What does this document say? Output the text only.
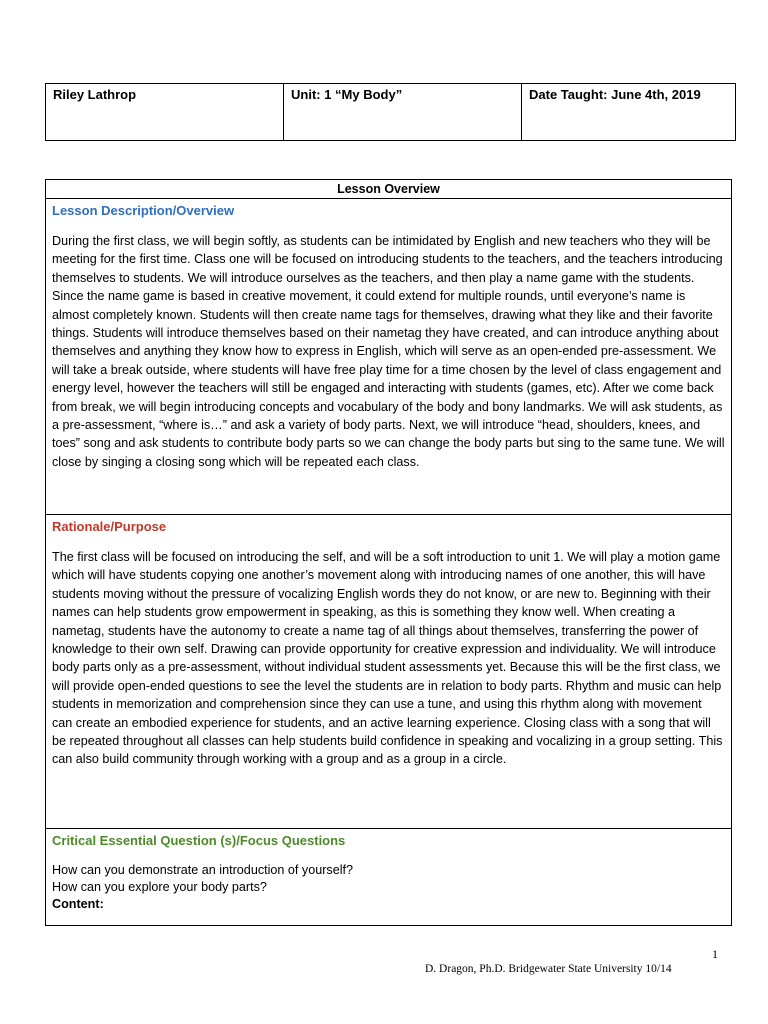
Riley Lathrop	Unit: 1 “My Body”	Date Taught: June 4th, 2019
Lesson Overview

Lesson Description/Overview

During the first class, we will begin softly, as students can be intimidated by English and new teachers who they will be meeting for the first time. Class one will be focused on introducing students to the teachers, and the teachers introducing themselves to students. We will introduce ourselves as the teachers, and then play a name game with the students. Since the name game is based in creative movement, it could extend for multiple rounds, until everyone’s name is almost completely known. Students will then create name tags for themselves, drawing what they like and their favorite things. Students will introduce themselves based on their nametag they have created, and can introduce anything about themselves and anything they know how to express in English, which will serve as an open-ended pre-assessment. We will take a break outside, where students will have free play time for a time chosen by the level of class engagement and energy level, however the teachers will still be engaged and interacting with students (games, etc). After we come back from break, we will begin introducing concepts and vocabulary of the body and bony landmarks. We will ask students, as a pre-assessment, “where is…” and ask a variety of body parts. Next, we will introduce “head, shoulders, knees, and toes” song and ask students to contribute body parts so we can change the body parts but sing to the same tune. We will close by singing a closing song which will be repeated each class.

Rationale/Purpose

The first class will be focused on introducing the self, and will be a soft introduction to unit 1. We will play a motion game which will have students copying one another’s movement along with introducing names of one another, this will have students moving without the pressure of vocalizing English words they do not know, or are new to. Beginning with their names can help students grow empowerment in speaking, as this is something they know well. When creating a nametag, students have the autonomy to create a name tag of all things about themselves, transferring the power of knowledge to their own self. Drawing can provide opportunity for creative expression and individuality. We will introduce body parts only as a pre-assessment, without individual student assessments yet. Because this will be the first class, we will provide open-ended questions to see the level the students are in relation to body parts. Rhythm and music can help students in memorization and comprehension since they can use a tune, and using this rhythm along with movement can create an embodied experience for students, and an active learning experience. Closing class with a song that will be repeated throughout all classes can help students build confidence in speaking and vocalizing in a group setting. This can also build community through working with a group and as a group in a circle.

Critical Essential Question (s)/Focus Questions

How can you demonstrate an introduction of yourself?

How can you explore your body parts?

Content:

1
D. Dragon, Ph.D. Bridgewater State University 10/14
